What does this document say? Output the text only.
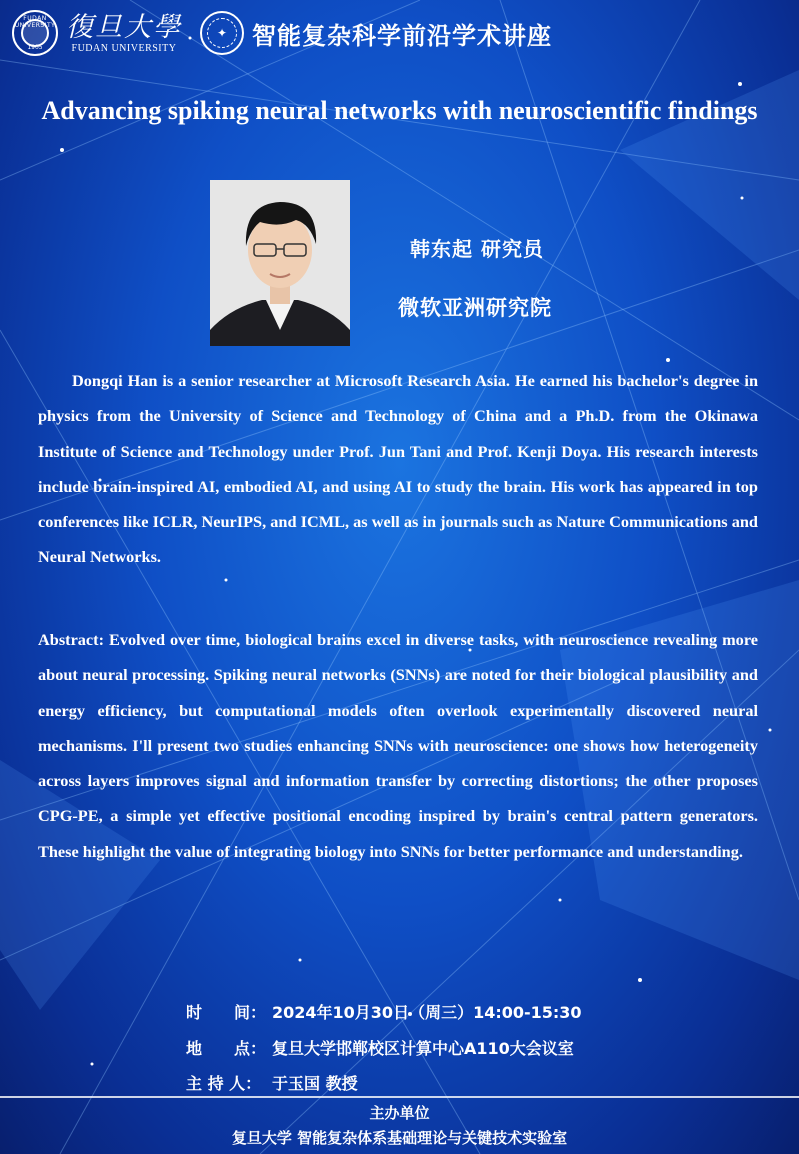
FUDAN UNIVERSITY
1905
復旦大學
FUDAN UNIVERSITY
✦	智能复杂科学前沿学术讲座
Advancing spiking neural networks with neuroscientific findings
韩东起 研究员
微软亚洲研究院

Dongqi Han is a senior researcher at Microsoft Research Asia. He earned his bachelor's degree in physics from the University of Science and Technology of China and a Ph.D. from the Okinawa Institute of Science and Technology under Prof. Jun Tani and Prof. Kenji Doya. His research interests include brain-inspired AI, embodied AI, and using AI to study the brain. His work has appeared in top conferences like ICLR, NeurIPS, and ICML, as well as in journals such as Nature Communications and Neural Networks.

Abstract: Evolved over time, biological brains excel in diverse tasks, with neuroscience revealing more about neural processing. Spiking neural networks (SNNs) are noted for their biological plausibility and energy efficiency, but computational models often overlook experimentally discovered neural mechanisms. I'll present two studies enhancing SNNs with neuroscience: one shows how heterogeneity across layers improves signal and information transfer by correcting distortions; the other proposes CPG-PE, a simple yet effective positional encoding inspired by brain's central pattern generators. These highlight the value of integrating biology into SNNs for better performance and understanding.

时　　间： 2024年10月30日（周三）14:00-15:30
地　　点： 复旦大学邯郸校区计算中心A110大会议室
主 持 人： 于玉国 教授
主办单位
复旦大学 智能复杂体系基础理论与关键技术实验室
